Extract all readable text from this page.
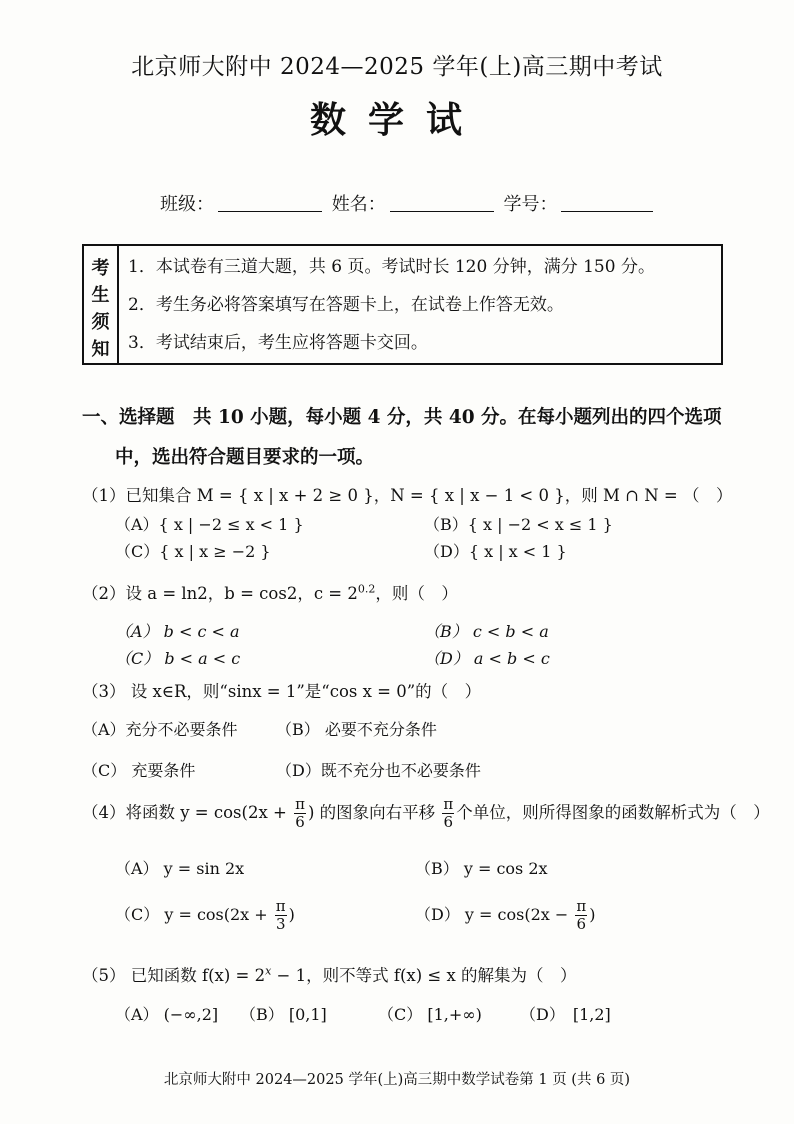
北京师大附中 2024—2025 学年(上)高三期中考试
数学试
班级：	姓名：	学号：
考
生
须
知
1．本试卷有三道大题，共 6 页。考试时长 120 分钟，满分 150 分。
2．考生务必将答案填写在答题卡上，在试卷上作答无效。
3．考试结束后，考生应将答题卡交回。
一、选择题　共 10 小题，每小题 4 分，共 40 分。在每小题列出的四个选项
中，选出符合题目要求的一项。
（1）已知集合 M = { x | x + 2 ≥ 0 }，N = { x | x − 1 < 0 }，则 M ∩ N = （　）
（A）{ x | −2 ≤ x < 1 }	（B）{ x | −2 < x ≤ 1 }
（C）{ x | x ≥ −2 }	（D）{ x | x < 1 }
（2）设 a = ln2，b = cos2，$c = 2^{0.2}$，则（　）
（A） b < c < a	（B） c < b < a
（C） b < a < c	（D） a < b < c
（3） 设 x∈R，则“sinx = 1”是“cos x = 0”的（　）
（A）充分不必要条件 （B） 必要不充分条件
（C） 充要条件	（D）既不充分也不必要条件
（4）将函数 $y = \cos(2x + \frac{\pi}{6}$ ) 的图象向右平移 $\frac{\pi}{6}$ 个单位，则所得图象的函数解析式为（　）
（A） y = sin 2x	（B） y = cos 2x
（C） $y = \cos(2x + \frac{\pi}{3}$ )	（D） $y = \cos(2x - \frac{\pi}{6}$ )
（5） 已知函数 $f(x) = 2^x - 1$，则不等式 f(x) ≤ x 的解集为（　）
（A） (−∞,2] （B） [0,1]	（C） [1,+∞) （D）　[1,2]
北京师大附中 2024—2025 学年(上)高三期中数学试卷第 1 页 (共 6 页)
